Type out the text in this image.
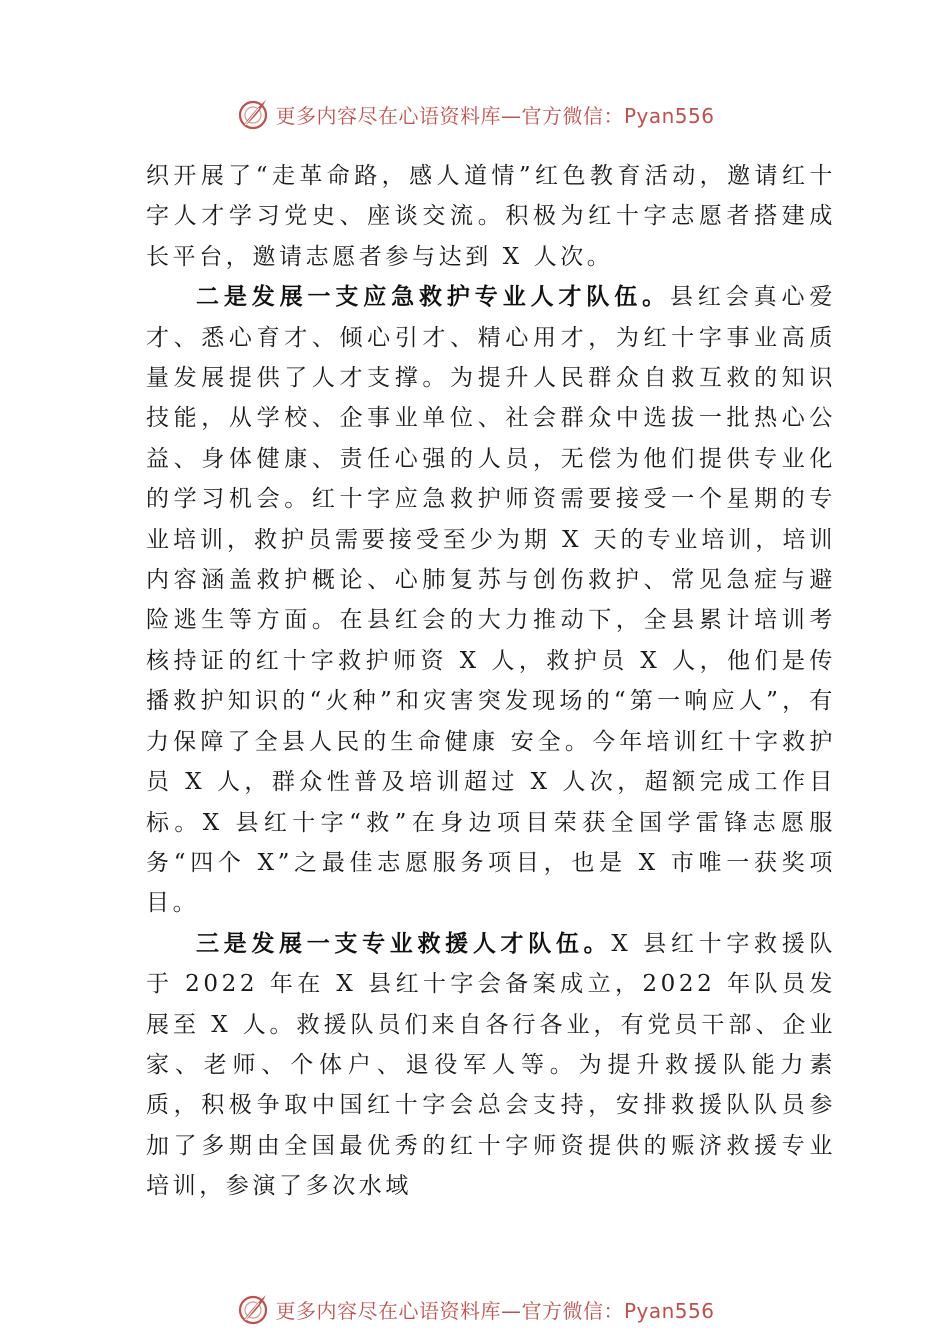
更多内容尽在心语资料库—官方微信：Pyan556

织开展了“走革命路，感人道情”红色教育活动，邀请红十字人才学习党史、座谈交流。积极为红十字志愿者搭建成长平台，邀请志愿者参与达到 X 人次。

二是发展一支应急救护专业人才队伍。县红会真心爱才、悉心育才、倾心引才、精心用才，为红十字事业高质量发展提供了人才支撑。为提升人民群众自救互救的知识技能，从学校、企事业单位、社会群众中选拔一批热心公益、身体健康、责任心强的人员，无偿为他们提供专业化的学习机会。红十字应急救护师资需要接受一个星期的专业培训，救护员需要接受至少为期 X 天的专业培训，培训内容涵盖救护概论、心肺复苏与创伤救护、常见急症与避险逃生等方面。在县红会的大力推动下，全县累计培训考核持证的红十字救护师资 X 人，救护员 X 人，他们是传播救护知识的“火种”和灾害突发现场的“第一响应人”，有力保障了全县人民的生命健康 安全。今年培训红十字救护员 X 人，群众性普及培训超过 X 人次，超额完成工作目标。X 县红十字“救”在身边项目荣获全国学雷锋志愿服务“四个 X”之最佳志愿服务项目，也是 X 市唯一获奖项目。

三是发展一支专业救援人才队伍。X 县红十字救援队于 2022 年在 X 县红十字会备案成立，2022 年队员发展至 X 人。救援队员们来自各行各业，有党员干部、企业家、老师、个体户、退役军人等。为提升救援队能力素质，积极争取中国红十字会总会支持，安排救援队队员参加了多期由全国最优秀的红十字师资提供的赈济救援专业培训，参演了多次水域

更多内容尽在心语资料库—官方微信：Pyan556
